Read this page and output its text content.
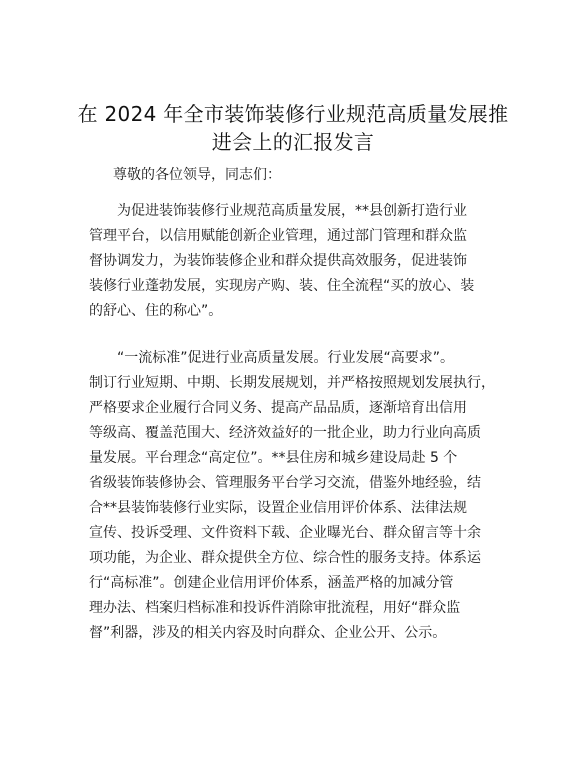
在 2024 年全市装饰装修行业规范高质量发展推
进会上的汇报发言
尊敬的各位领导，同志们：
为促进装饰装修行业规范高质量发展，**县创新打造行业
管理平台，以信用赋能创新企业管理，通过部门管理和群众监
督协调发力，为装饰装修企业和群众提供高效服务，促进装饰
装修行业蓬勃发展，实现房产购、装、住全流程“买的放心、装
的舒心、住的称心”。
“一流标准”促进行业高质量发展。行业发展“高要求”。
制订行业短期、中期、长期发展规划，并严格按照规划发展执行，
严格要求企业履行合同义务、提高产品品质，逐渐培育出信用
等级高、覆盖范围大、经济效益好的一批企业，助力行业向高质
量发展。平台理念“高定位”。**县住房和城乡建设局赴 5 个
省级装饰装修协会、管理服务平台学习交流，借鉴外地经验，结
合**县装饰装修行业实际，设置企业信用评价体系、法律法规
宣传、投诉受理、文件资料下载、企业曝光台、群众留言等十余
项功能，为企业、群众提供全方位、综合性的服务支持。体系运
行“高标准”。创建企业信用评价体系，涵盖严格的加减分管
理办法、档案归档标准和投诉件消除审批流程，用好“群众监
督”利器，涉及的相关内容及时向群众、企业公开、公示。
